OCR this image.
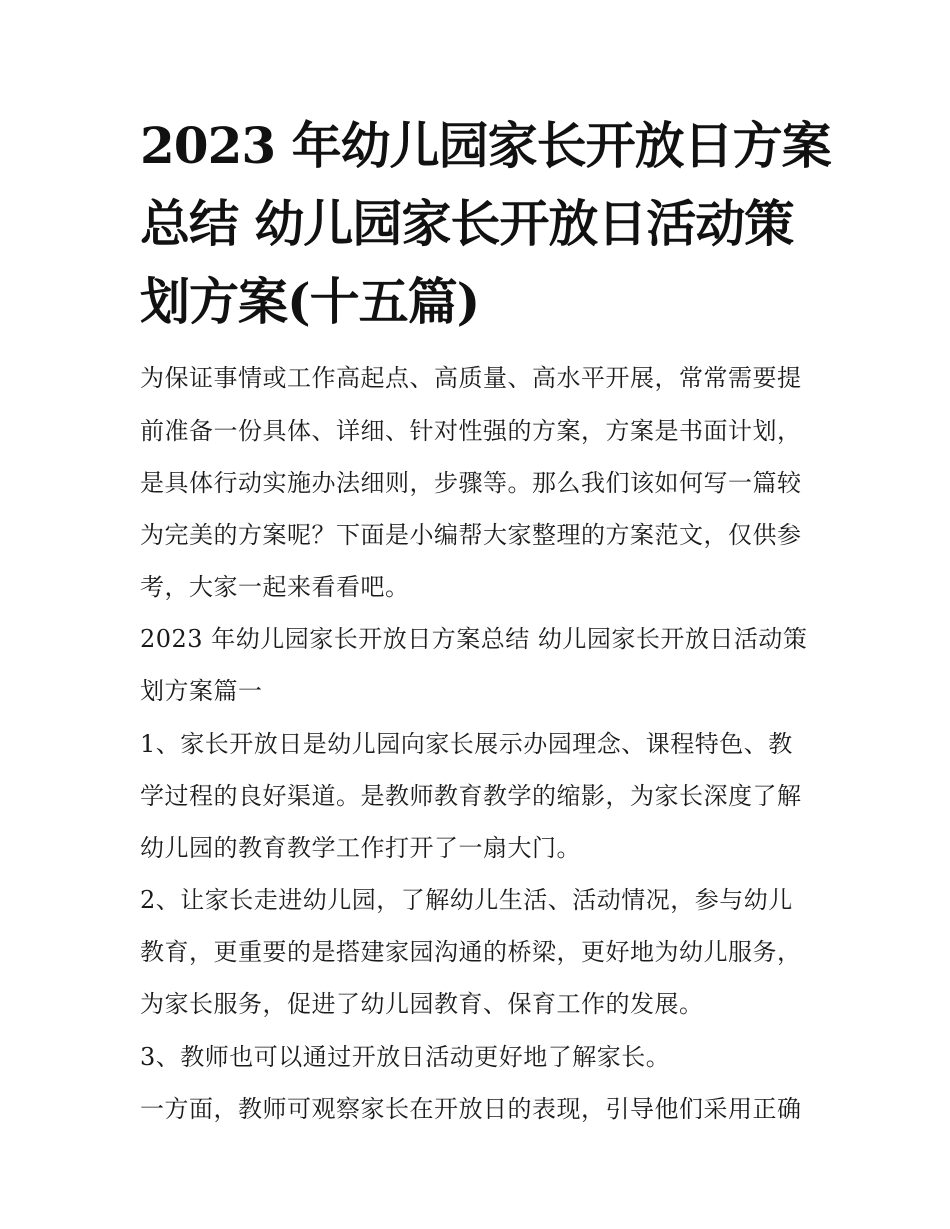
2023 年幼儿园家长开放日方案
总结 幼儿园家长开放日活动策
划方案(十五篇)

为保证事情或工作高起点、高质量、高水平开展，常常需要提

前准备一份具体、详细、针对性强的方案，方案是书面计划，

是具体行动实施办法细则，步骤等。那么我们该如何写一篇较

为完美的方案呢？下面是小编帮大家整理的方案范文，仅供参

考，大家一起来看看吧。

2023 年幼儿园家长开放日方案总结 幼儿园家长开放日活动策

划方案篇一

1、家长开放日是幼儿园向家长展示办园理念、课程特色、教

学过程的良好渠道。是教师教育教学的缩影，为家长深度了解

幼儿园的教育教学工作打开了一扇大门。

2、让家长走进幼儿园，了解幼儿生活、活动情况，参与幼儿

教育，更重要的是搭建家园沟通的桥梁，更好地为幼儿服务，

为家长服务，促进了幼儿园教育、保育工作的发展。

3、教师也可以通过开放日活动更好地了解家长。

一方面，教师可观察家长在开放日的表现，引导他们采用正确
